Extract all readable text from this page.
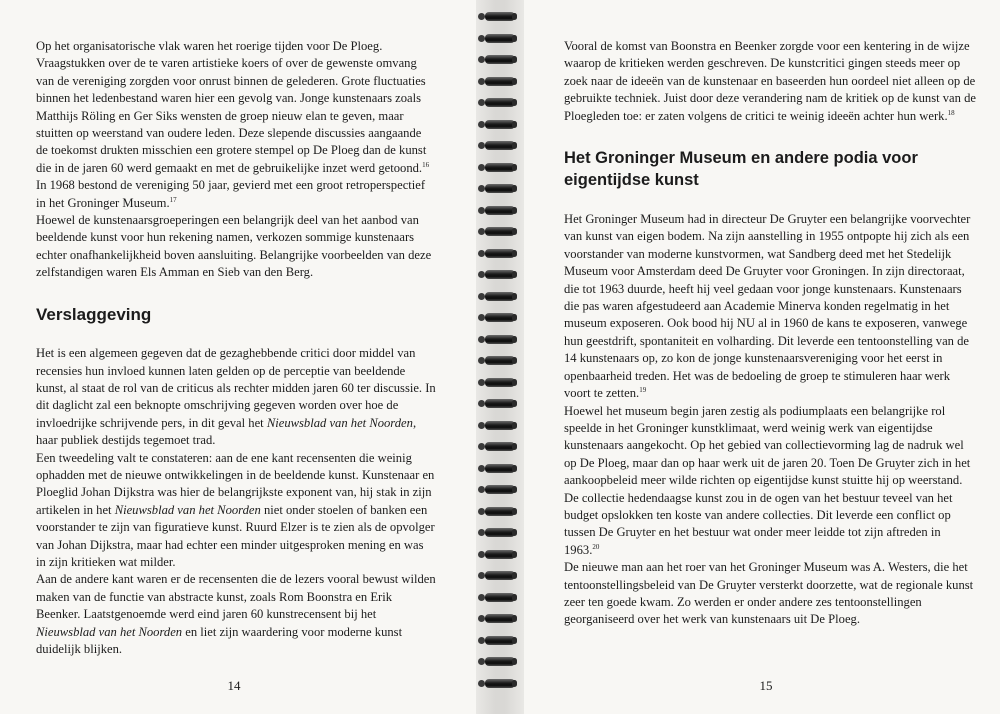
Op het organisatorische vlak waren het roerige tijden voor De Ploeg. Vraagstukken over de te varen artistieke koers of over de gewenste omvang van de vereniging zorgden voor onrust binnen de gelederen. Grote fluctuaties binnen het ledenbestand waren hier een gevolg van. Jonge kunstenaars zoals Matthijs Röling en Ger Siks wensten de groep nieuw elan te geven, maar stuitten op weerstand van oudere leden. Deze slepende discussies aangaande de toekomst drukten misschien een grotere stempel op De Ploeg dan de kunst die in de jaren 60 werd gemaakt en met de gebruikelijke inzet werd getoond.$^{16}$ In 1968 bestond de vereniging 50 jaar, gevierd met een groot retroperspectief in het Groninger Museum.$^{17}$

Hoewel de kunstenaarsgroeperingen een belangrijk deel van het aanbod van beeldende kunst voor hun rekening namen, verkozen sommige kunstenaars echter onafhankelijkheid boven aansluiting. Belangrijke voorbeelden van deze zelfstandigen waren Els Amman en Sieb van den Berg.

Verslaggeving

Het is een algemeen gegeven dat de gezaghebbende critici door middel van recensies hun invloed kunnen laten gelden op de perceptie van beeldende kunst, al staat de rol van de criticus als rechter midden jaren 60 ter discussie. In dit daglicht zal een beknopte omschrijving gegeven worden over hoe de invloedrijke schrijvende pers, in dit geval het Nieuwsblad van het Noorden, haar publiek destijds tegemoet trad.

Een tweedeling valt te constateren: aan de ene kant recensenten die weinig ophadden met de nieuwe ontwikkelingen in de beeldende kunst. Kunstenaar en Ploeglid Johan Dijkstra was hier de belangrijkste exponent van, hij stak in zijn artikelen in het Nieuwsblad van het Noorden niet onder stoelen of banken een voorstander te zijn van figuratieve kunst. Ruurd Elzer is te zien als de opvolger van Johan Dijkstra, maar had echter een minder uitgesproken mening en was in zijn kritieken wat milder.

Aan de andere kant waren er de recensenten die de lezers vooral bewust wilden maken van de functie van abstracte kunst, zoals Rom Boonstra en Erik Beenker. Laatstgenoemde werd eind jaren 60 kunstrecensent bij het Nieuwsblad van het Noorden en liet zijn waardering voor moderne kunst duidelijk blijken.

14

Vooral de komst van Boonstra en Beenker zorgde voor een kentering in de wijze waarop de kritieken werden geschreven. De kunstcritici gingen steeds meer op zoek naar de ideeën van de kunstenaar en baseerden hun oordeel niet alleen op de gebruikte techniek. Juist door deze verandering nam de kritiek op de kunst van de Ploegleden toe: er zaten volgens de critici te weinig ideeën achter hun werk.$^{18}$

Het Groninger Museum en andere podia voor eigentijdse kunst

Het Groninger Museum had in directeur De Gruyter een belangrijke voorvechter van kunst van eigen bodem. Na zijn aanstelling in 1955 ontpopte hij zich als een voorstander van moderne kunstvormen, wat Sandberg deed met het Stedelijk Museum voor Amsterdam deed De Gruyter voor Groningen. In zijn directoraat, die tot 1963 duurde, heeft hij veel gedaan voor jonge kunstenaars. Kunstenaars die pas waren afgestudeerd aan Academie Minerva konden regelmatig in het museum exposeren. Ook bood hij NU al in 1960 de kans te exposeren, vanwege hun geestdrift, spontaniteit en volharding. Dit leverde een tentoonstelling van de 14 kunstenaars op, zo kon de jonge kunstenaarsvereniging voor het eerst in openbaarheid treden. Het was de bedoeling de groep te stimuleren haar werk voort te zetten.$^{19}$

Hoewel het museum begin jaren zestig als podiumplaats een belangrijke rol speelde in het Groninger kunstklimaat, werd weinig werk van eigentijdse kunstenaars aangekocht. Op het gebied van collectievorming lag de nadruk wel op De Ploeg, maar dan op haar werk uit de jaren 20. Toen De Gruyter zich in het aankoopbeleid meer wilde richten op eigentijdse kunst stuitte hij op weerstand. De collectie hedendaagse kunst zou in de ogen van het bestuur teveel van het budget opslokken ten koste van andere collecties. Dit leverde een conflict op tussen De Gruyter en het bestuur wat onder meer leidde tot zijn aftreden in 1963.20

De nieuwe man aan het roer van het Groninger Museum was A. Westers, die het tentoonstellingsbeleid van De Gruyter versterkt doorzette, wat de regionale kunst zeer ten goede kwam. Zo werden er onder andere zes tentoonstellingen georganiseerd over het werk van kunstenaars uit De Ploeg.

15
